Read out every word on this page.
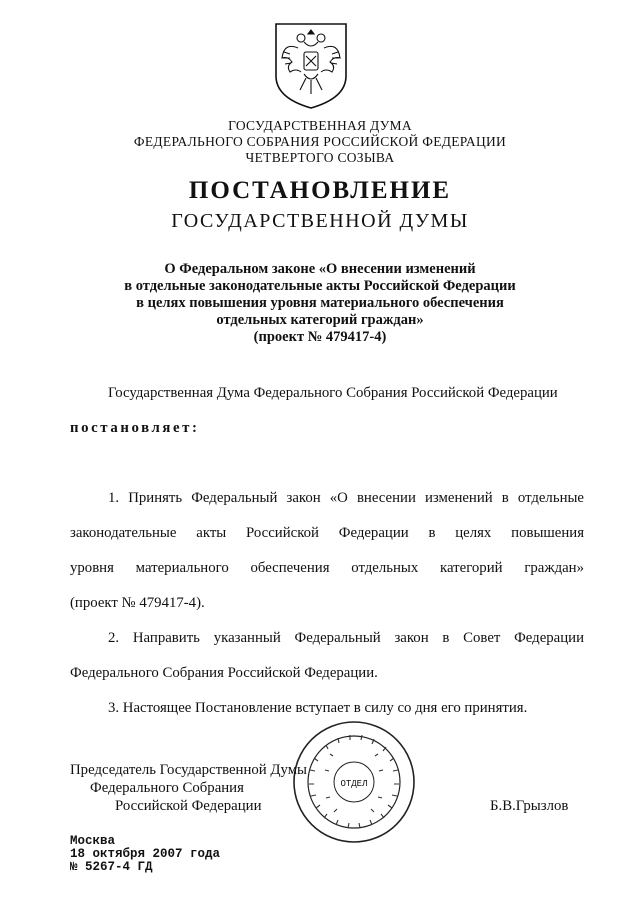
ГОСУДАРСТВЕННАЯ ДУМА
ФЕДЕРАЛЬНОГО СОБРАНИЯ РОССИЙСКОЙ ФЕДЕРАЦИИ
ЧЕТВЕРТОГО СОЗЫВА
ПОСТАНОВЛЕНИЕ
ГОСУДАРСТВЕННОЙ ДУМЫ
О Федеральном законе «О внесении изменений
в отдельные законодательные акты Российской Федерации
в целях повышения уровня материального обеспечения
отдельных категорий граждан»
(проект № 479417-4)
Государственная Дума Федерального Собрания Российской Федерации
постановляет:
1. Принять Федеральный закон «О внесении изменений в отдельные
законодательные акты Российской Федерации в целях повышения
уровня материального обеспечения отдельных категорий граждан»
(проект № 479417-4).
2. Направить указанный Федеральный закон в Совет Федерации
Федерального Собрания Российской Федерации.
3. Настоящее Постановление вступает в силу со дня его принятия.
ОТДЕЛ
Председатель Государственной Думы
Федерального Собрания
Российской Федерации	Б.В.Грызлов
Москва
18 октября 2007 года
№ 5267-4 ГД
